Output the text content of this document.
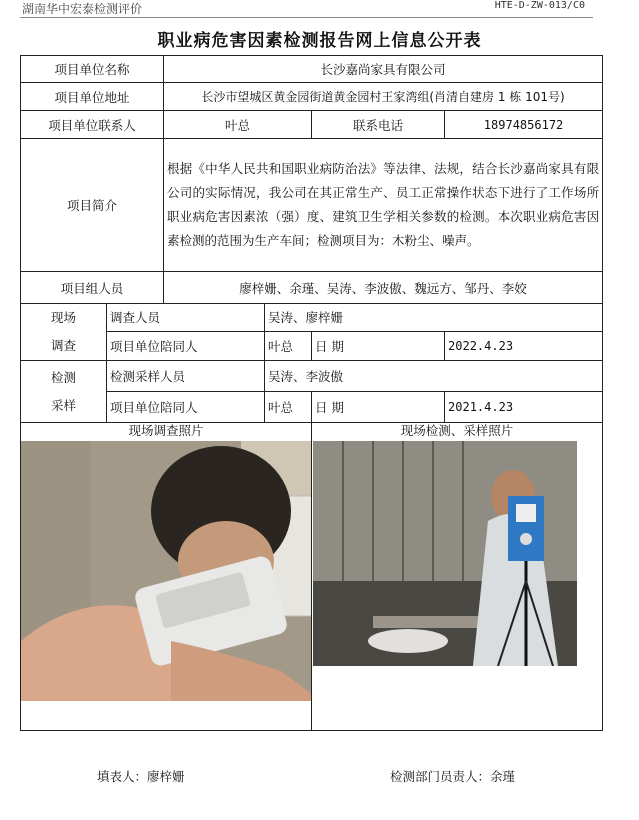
湖南华中宏泰检测评价	HTE-D-ZW-013/C0
职业病危害因素检测报告网上信息公开表
项目单位名称		长沙嘉尚家具有限公司			
项目单位地址		长沙市望城区黄金园街道黄金园村王家湾组(肖清自建房 1 栋 101号)			
项目单位联系人		叶总		联系电话	18974856172
项目简介		根据《中华人民共和国职业病防治法》等法律、法规，结合长沙嘉尚家具有限公司的实际情况，我公司在其正常生产、员工正常操作状态下进行了工作场所职业病危害因素浓（强）度、建筑卫生学相关参数的检测。本次职业病危害因素检测的范围为生产车间；检测项目为：木粉尘、噪声。			
项目组人员		廖梓姗、余瑾、吴涛、李波傲、魏远方、邹丹、李姣			

现场
调查	调查人员		吴涛、廖梓姗		
	项目单位陪同人		叶总	日 期	2022.4.23

检测
采样	检测采样人员		吴涛、李波傲		
	项目单位陪同人		叶总	日 期	2021.4.23

现场调查照片				现场检测、采样照片	
填表人：廖梓姗	检测部门员责人：余瑾
